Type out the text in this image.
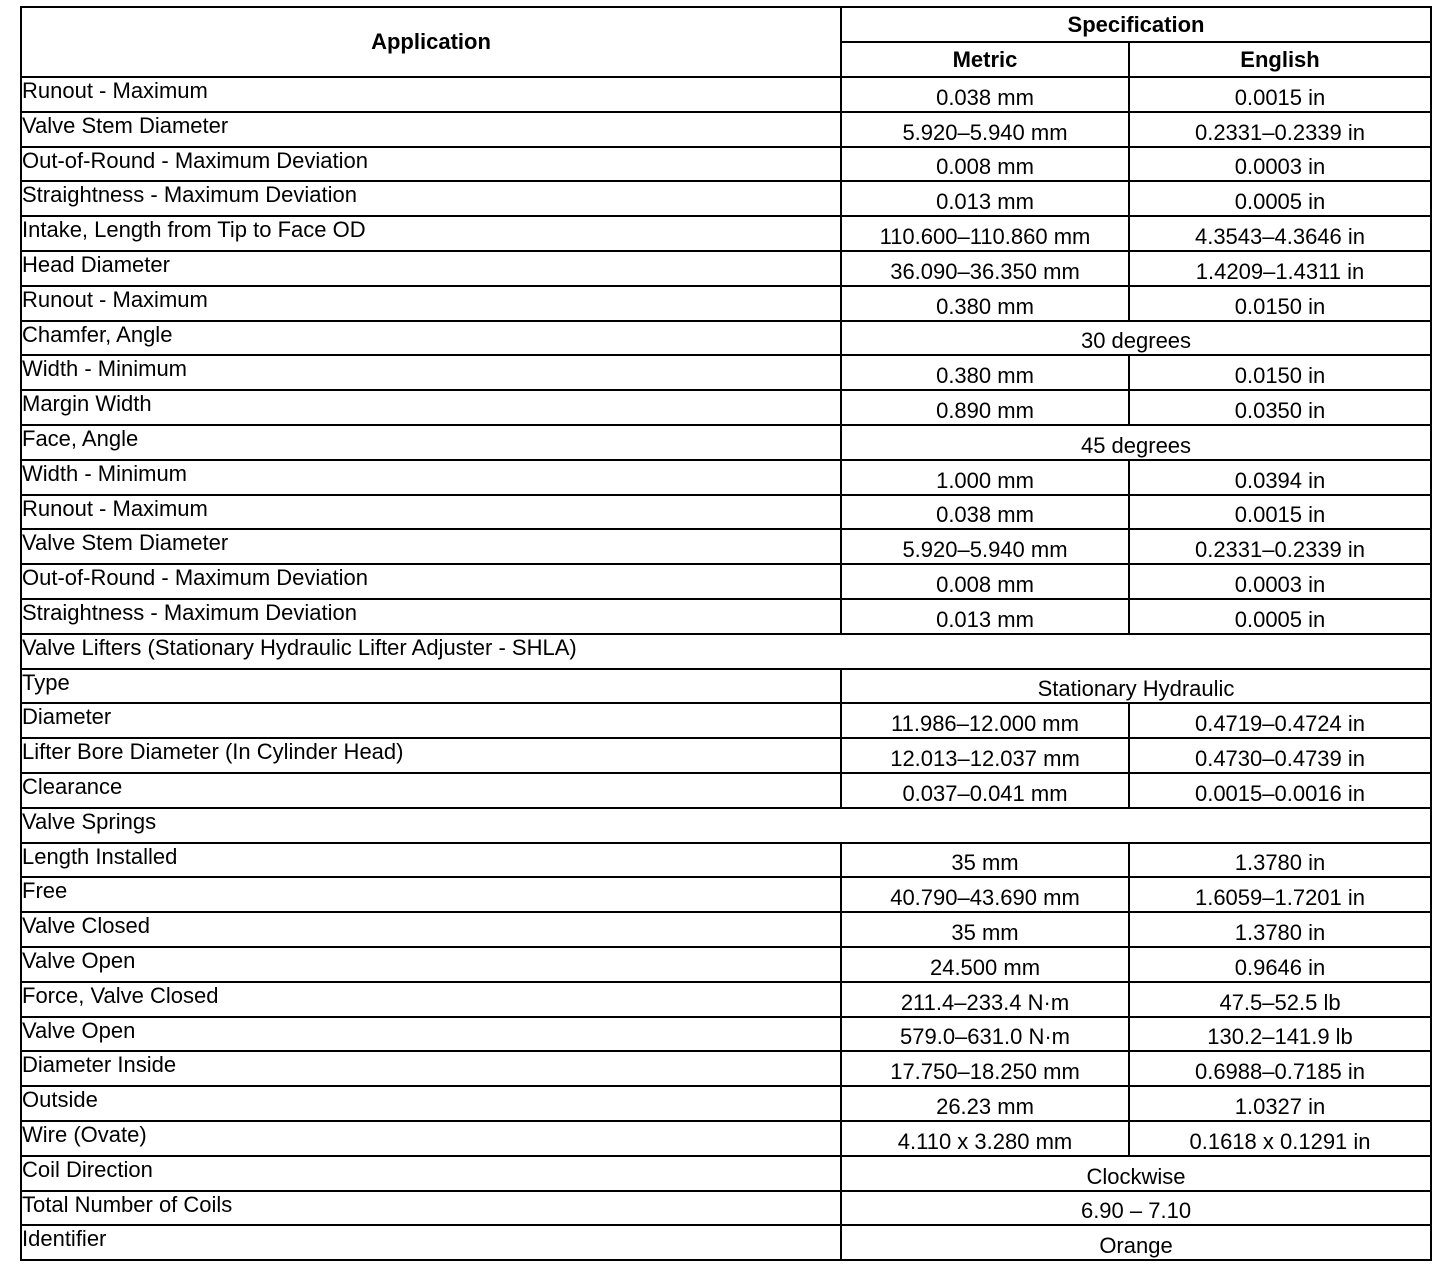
Application	Specification	
	Metric	English
Runout - Maximum	0.038 mm	0.0015 in
Valve Stem Diameter	5.920–5.940 mm	0.2331–0.2339 in
Out-of-Round - Maximum Deviation	0.008 mm	0.0003 in
Straightness - Maximum Deviation	0.013 mm	0.0005 in
Intake, Length from Tip to Face OD	110.600–110.860 mm	4.3543–4.3646 in
Head Diameter	36.090–36.350 mm	1.4209–1.4311 in
Runout - Maximum	0.380 mm	0.0150 in
Chamfer, Angle	30 degrees	
Width - Minimum	0.380 mm	0.0150 in
Margin Width	0.890 mm	0.0350 in
Face, Angle	45 degrees	
Width - Minimum	1.000 mm	0.0394 in
Runout - Maximum	0.038 mm	0.0015 in
Valve Stem Diameter	5.920–5.940 mm	0.2331–0.2339 in
Out-of-Round - Maximum Deviation	0.008 mm	0.0003 in
Straightness - Maximum Deviation	0.013 mm	0.0005 in
Valve Lifters (Stationary Hydraulic Lifter Adjuster - SHLA)		
Type	Stationary Hydraulic	
Diameter	11.986–12.000 mm	0.4719–0.4724 in
Lifter Bore Diameter (In Cylinder Head)	12.013–12.037 mm	0.4730–0.4739 in
Clearance	0.037–0.041 mm	0.0015–0.0016 in
Valve Springs		
Length Installed	35 mm	1.3780 in
Free	40.790–43.690 mm	1.6059–1.7201 in
Valve Closed	35 mm	1.3780 in
Valve Open	24.500 mm	0.9646 in
Force, Valve Closed	211.4–233.4 N·m	47.5–52.5 lb
Valve Open	579.0–631.0 N·m	130.2–141.9 lb
Diameter Inside	17.750–18.250 mm	0.6988–0.7185 in
Outside	26.23 mm	1.0327 in
Wire (Ovate)	4.110 x 3.280 mm	0.1618 x 0.1291 in
Coil Direction	Clockwise	
Total Number of Coils	6.90 – 7.10	
Identifier	Orange	
